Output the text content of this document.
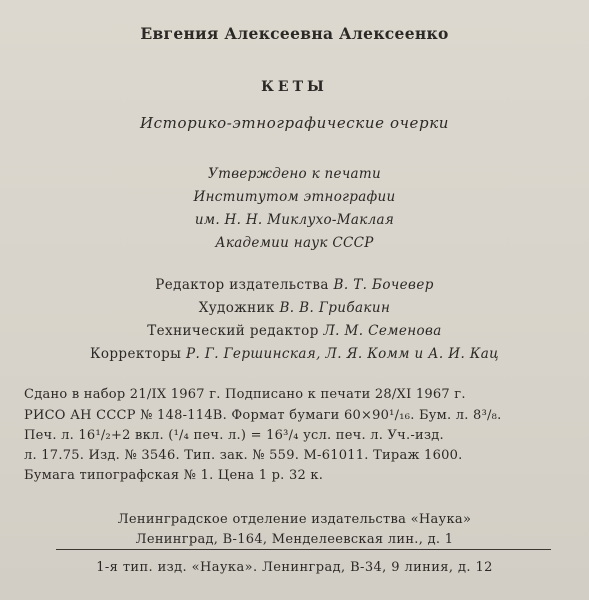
Евгения Алексеевна Алексеенко
КЕТЫ
Историко-этнографические очерки
Утверждено к печати
Институтом этнографии
им. Н. Н. Миклухо-Маклая
Академии наук СССР
Редактор издательства В. Т. Бочевер
Художник В. В. Грибакин
Технический редактор Л. М. Семенова
Корректоры Р. Г. Гершинская, Л. Я. Комм и А. И. Кац
Сдано в набор 21/IX 1967 г. Подписано к печати 28/XI 1967 г.
РИСО АН СССР № 148-114В. Формат бумаги 60×90¹/₁₆. Бум. л. 8³/₈.
Печ. л. 16¹/₂+2 вкл. (¹/₄ печ. л.) = 16³/₄ усл. печ. л. Уч.-изд.
л. 17.75. Изд. № 3546. Тип. зак. № 559. М-61011. Тираж 1600.
Бумага типографская № 1. Цена 1 р. 32 к.
Ленинградское отделение издательства «Наука»
Ленинград, В-164, Менделеевская лин., д. 1
1-я тип. изд. «Наука». Ленинград, В-34, 9 линия, д. 12
